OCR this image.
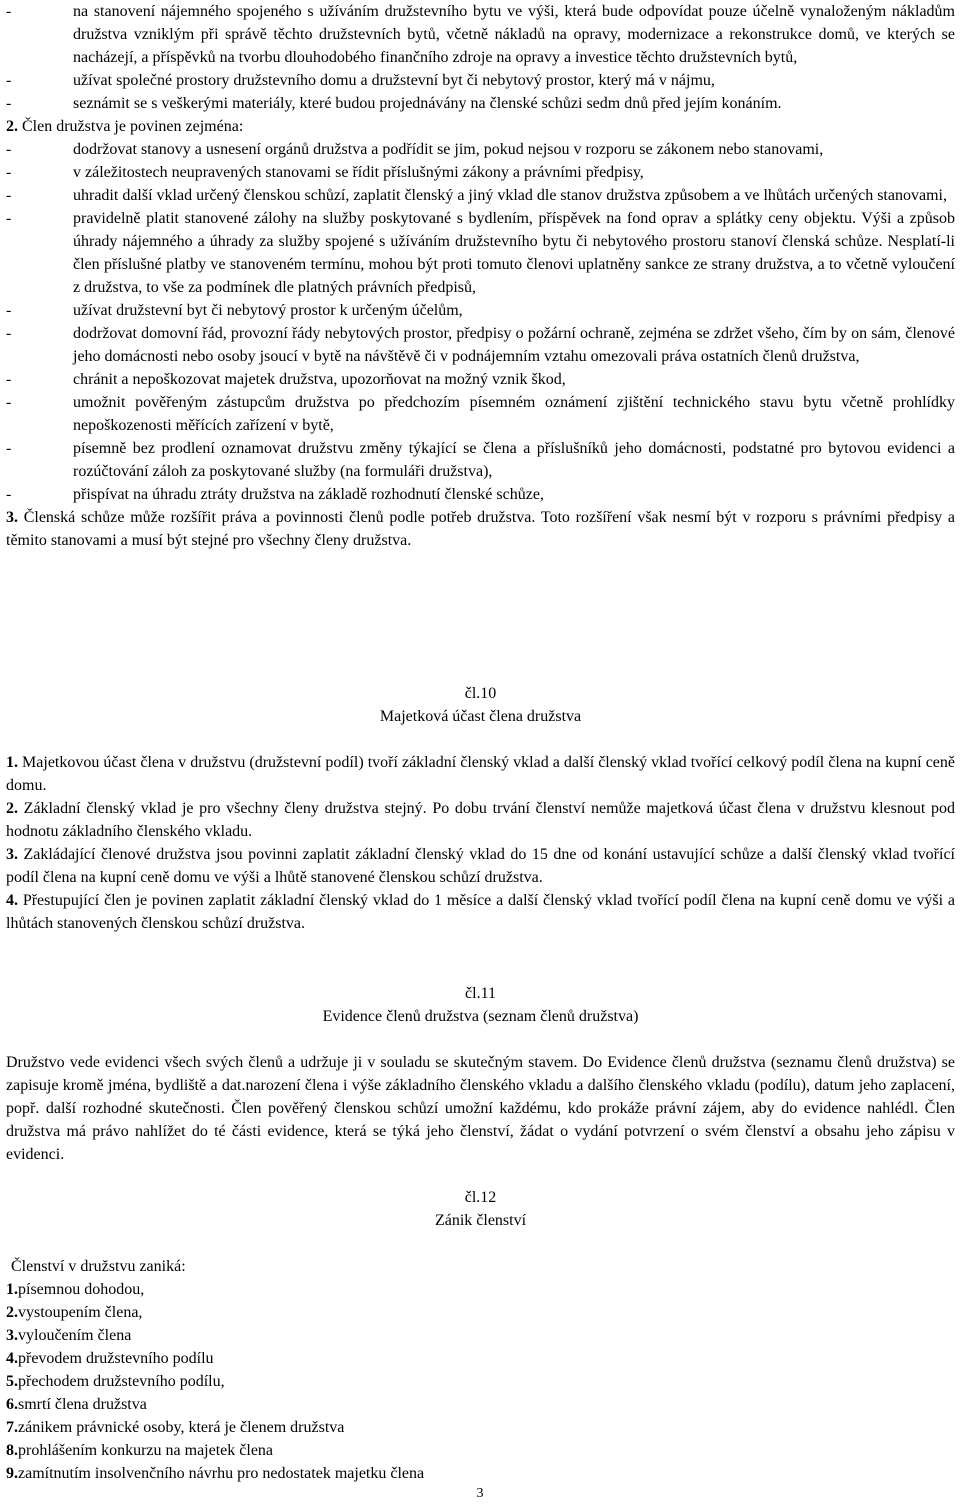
-	na stanovení nájemného spojeného s užíváním družstevního bytu ve výši, která bude odpovídat pouze účelně vynaloženým nákladům družstva vzniklým při správě těchto družstevních bytů, včetně nákladů na opravy, modernizace a rekonstrukce domů, ve kterých se nacházejí, a příspěvků na tvorbu dlouhodobého finančního zdroje na opravy a investice těchto družstevních bytů,
-	užívat společné prostory družstevního domu a družstevní byt či nebytový prostor, který má v nájmu,
-	seznámit se s veškerými materiály, které budou projednávány na členské schůzi sedm dnů před jejím konáním.

2. Člen družstva je povinen zejména:

-	dodržovat stanovy a usnesení orgánů družstva a podřídit se jim, pokud nejsou v rozporu se zákonem nebo stanovami,
-	v záležitostech neupravených stanovami se řídit příslušnými zákony a právními předpisy,
-	uhradit další vklad určený členskou schůzí, zaplatit členský a jiný vklad dle stanov družstva způsobem a ve lhůtách určených stanovami,
-	pravidelně platit stanovené zálohy na služby poskytované s bydlením, příspěvek na fond oprav a splátky ceny objektu. Výši a způsob úhrady nájemného a úhrady za služby spojené s užíváním družstevního bytu či nebytového prostoru stanoví členská schůze. Nesplatí-li člen příslušné platby ve stanoveném termínu, mohou být proti tomuto členovi uplatněny sankce ze strany družstva, a to včetně vyloučení z družstva, to vše za podmínek dle platných právních předpisů,
-	užívat družstevní byt či nebytový prostor k určeným účelům,
-	dodržovat domovní řád, provozní řády nebytových prostor, předpisy o požární ochraně, zejména se zdržet všeho, čím by on sám, členové jeho domácnosti nebo osoby jsoucí v bytě na návštěvě či v podnájemním vztahu omezovali práva ostatních členů družstva,
-	chránit a nepoškozovat majetek družstva, upozorňovat na možný vznik škod,
-	umožnit pověřeným zástupcům družstva po předchozím písemném oznámení zjištění technického stavu bytu včetně prohlídky nepoškozenosti měřících zařízení v bytě,
-	písemně bez prodlení oznamovat družstvu změny týkající se člena a příslušníků jeho domácnosti, podstatné pro bytovou evidenci a rozúčtování záloh za poskytované služby (na formuláři družstva),
-	přispívat na úhradu ztráty družstva na základě rozhodnutí členské schůze,

3. Členská schůze může rozšířit práva a povinnosti členů podle potřeb družstva. Toto rozšíření však nesmí být v rozporu s právními předpisy a těmito stanovami a musí být stejné pro všechny členy družstva.

čl.10

Majetková účast člena družstva

1. Majetkovou účast člena v družstvu (družstevní podíl) tvoří základní členský vklad a další členský vklad tvořící celkový podíl člena na kupní ceně domu.

2. Základní členský vklad je pro všechny členy družstva stejný. Po dobu trvání členství nemůže majetková účast člena v družstvu klesnout pod hodnotu základního členského vkladu.

3. Zakládající členové družstva jsou povinni zaplatit základní členský vklad do 15 dne od konání ustavující schůze a další členský vklad tvořící podíl člena na kupní ceně domu ve výši a lhůtě stanovené členskou schůzí družstva.

4. Přestupující člen je povinen zaplatit základní členský vklad do 1 měsíce a další členský vklad tvořící podíl člena na kupní ceně domu ve výši a lhůtách stanovených členskou schůzí družstva.

čl.11

Evidence členů družstva (seznam členů družstva)

Družstvo vede evidenci všech svých členů a udržuje ji v souladu se skutečným stavem. Do Evidence členů družstva (seznamu členů družstva) se zapisuje kromě jména, bydliště a dat.narození člena i výše základního členského vkladu a dalšího členského vkladu (podílu), datum jeho zaplacení, popř. další rozhodné skutečnosti. Člen pověřený členskou schůzí umožní každému, kdo prokáže právní zájem, aby do evidence nahlédl. Člen družstva má právo nahlížet do té části evidence, která se týká jeho členství, žádat o vydání potvrzení o svém členství a obsahu jeho zápisu v evidenci.

čl.12

Zánik členství

Členství v družstvu zaniká:

1.písemnou dohodou,
2.vystoupením člena,
3.vyloučením člena
4.převodem družstevního podílu
5.přechodem družstevního podílu,
6.smrtí člena družstva
7.zánikem právnické osoby, která je členem družstva
8.prohlášením konkurzu na majetek člena
9.zamítnutím insolvenčního návrhu pro nedostatek majetku člena
3
